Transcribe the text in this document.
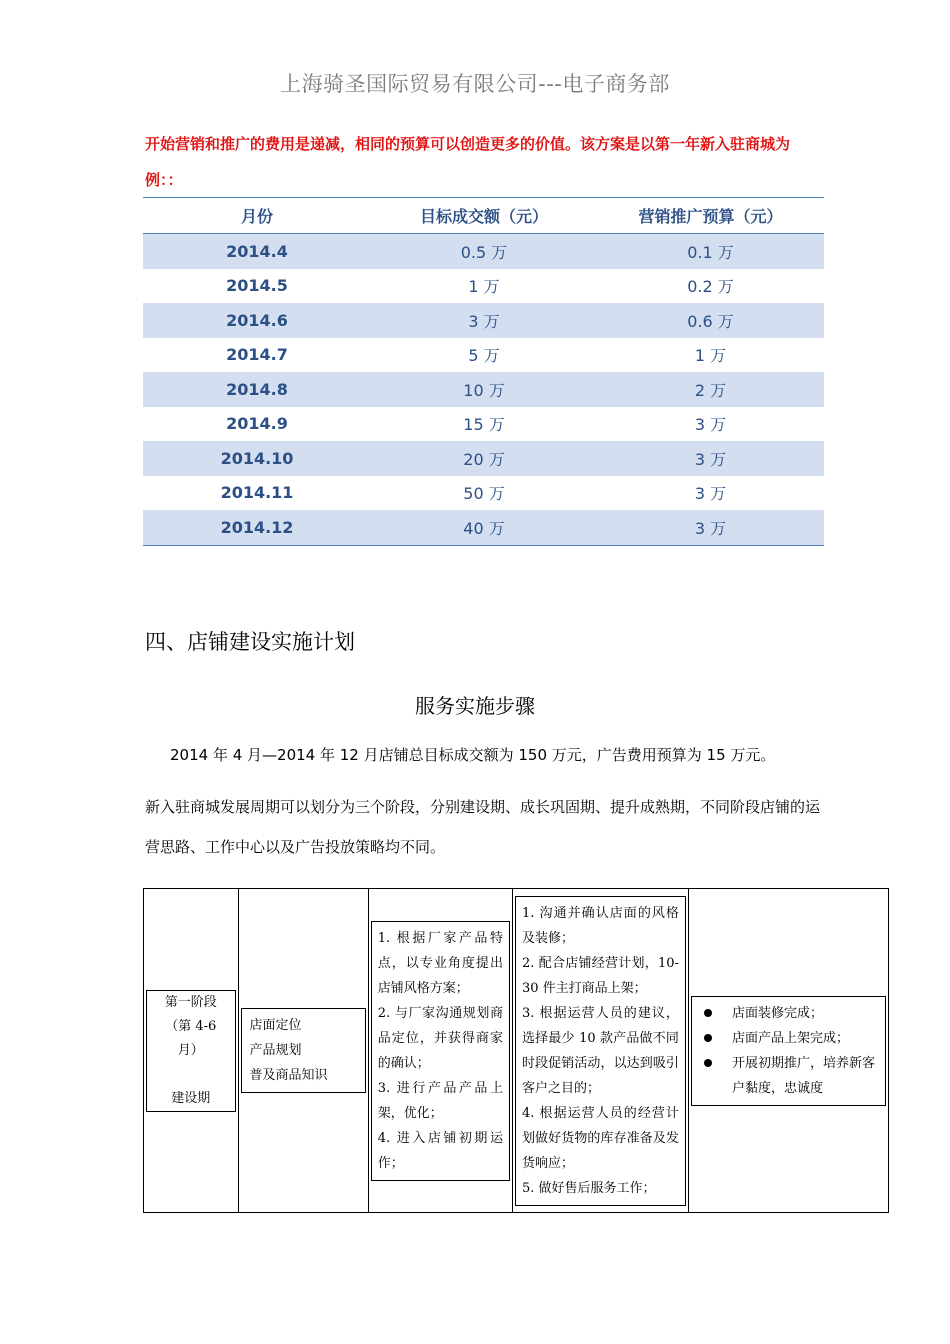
上海骑圣国际贸易有限公司---电子商务部
开始营销和推广的费用是递减，相同的预算可以创造更多的价值。该方案是以第一年新入驻商城为例：：
月份	目标成交额（元）	营销推广预算（元）
2014.4	0.5 万	0.1 万
2014.5	1 万	0.2 万
2014.6	3 万	0.6 万
2014.7	5 万	1 万
2014.8	10 万	2 万
2014.9	15 万	3 万
2014.10	20 万	3 万
2014.11	50 万	3 万
2014.12	40 万	3 万
四、店铺建设实施计划
服务实施步骤
2014 年 4 月—2014 年 12 月店铺总目标成交额为 150 万元，广告费用预算为 15 万元。
新入驻商城发展周期可以划分为三个阶段，分别建设期、成长巩固期、提升成熟期，不同阶段店铺的运营思路、工作中心以及广告投放策略均不同。
第一阶段
（第 4-6
月）
建设期

店面定位
产品规划
普及商品知识

1. 根据厂家产品特点，以专业角度提出店铺风格方案；
2. 与厂家沟通规划商品定位，并获得商家的确认；
3. 进行产品产品上架，优化；
4. 进入店铺初期运作；

1. 沟通并确认店面的风格及装修；
2. 配合店铺经营计划，10-30 件主打商品上架；
3. 根据运营人员的建议，选择最少 10 款产品做不同时段促销活动，以达到吸引客户之目的；
4. 根据运营人员的经营计划做好货物的库存准备及发货响应；
5. 做好售后服务工作；

店面装修完成；
店面产品上架完成；
开展初期推广，培养新客户黏度，忠诚度
